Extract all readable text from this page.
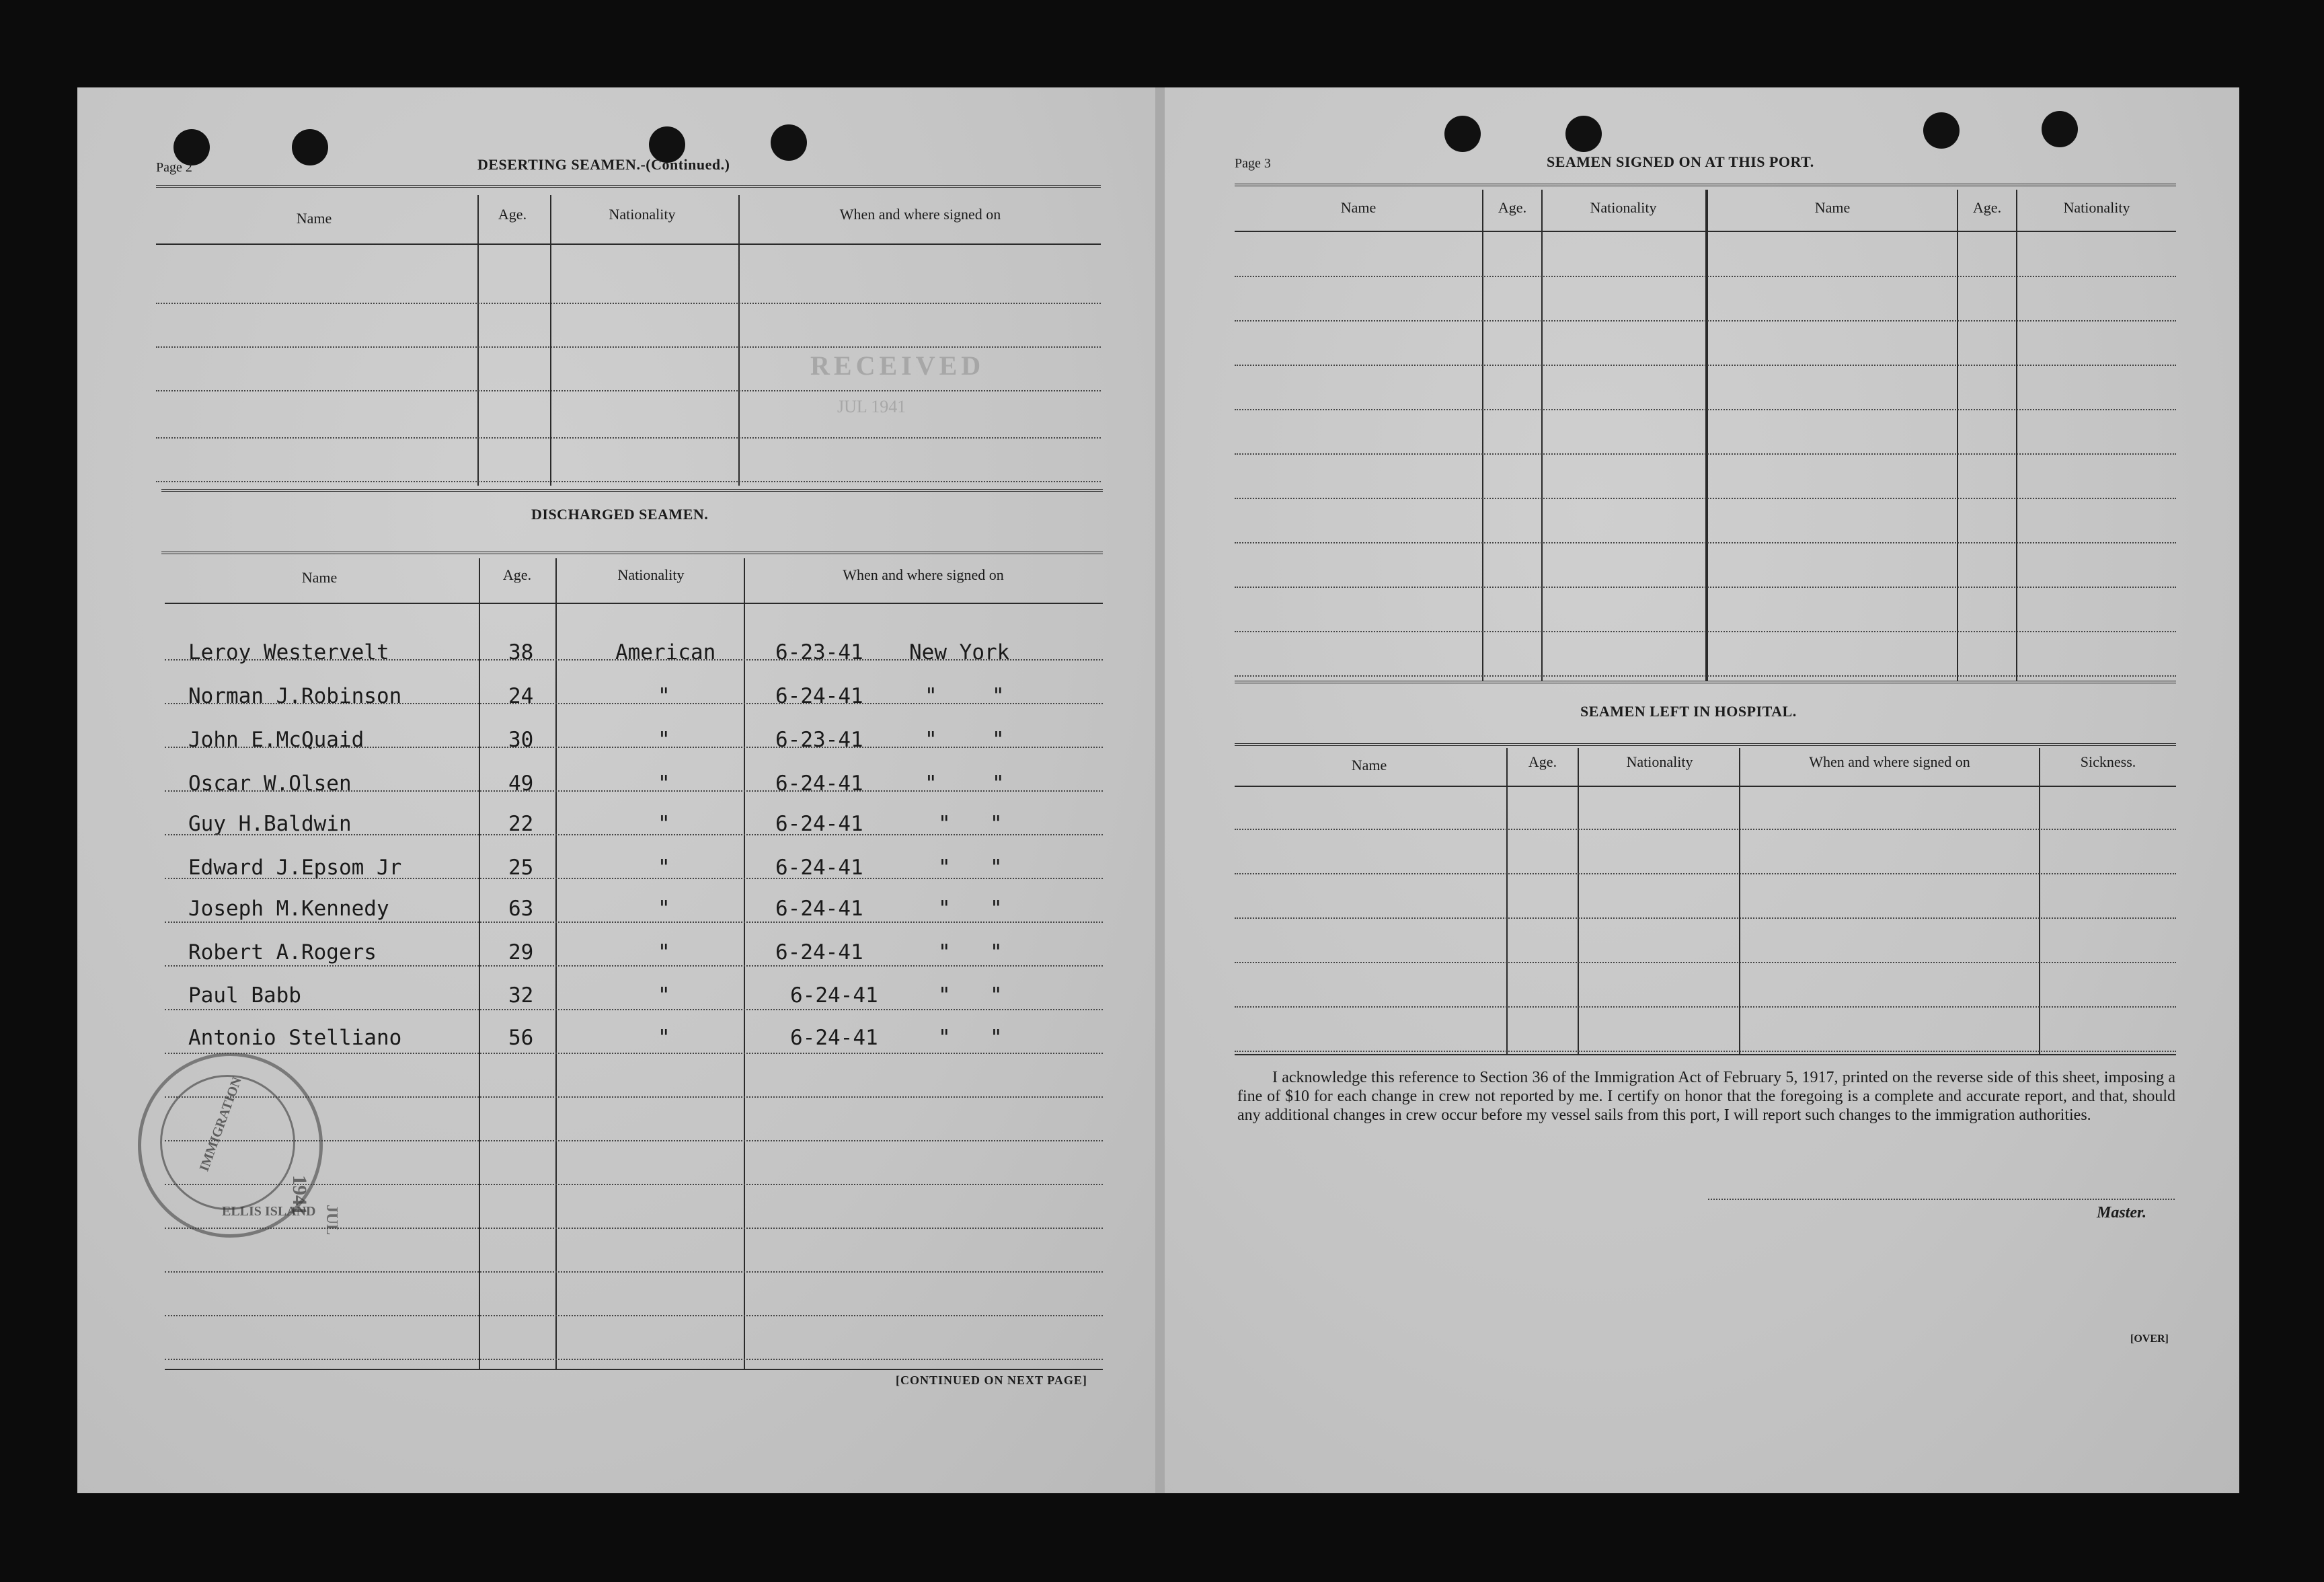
Page 2	DESERTING SEAMEN.-(Continued.)
Name	Age.	Nationality	When and where signed on
RECEIVED
JUL 1941
DISCHARGED SEAMEN.
Name	Age.	Nationality	When and where signed on
Leroy Westervelt	38	American	6-23-41 New York
Norman J.Robinson	24	"	6-24-41	"	"
John E.McQuaid	30	"	6-23-41	"	"
Oscar W.Olsen	49	"	6-24-41	"	"
Guy H.Baldwin	22	"	6-24-41	" "
Edward J.Epsom Jr	25	"	6-24-41	" "
Joseph M.Kennedy	63	"	6-24-41	" "
Robert A.Rogers	29	"	6-24-41	" "
Paul Babb	32	"	6-24-41	" "
Antonio Stelliano	56	"	6-24-41	" "
IMMIGRATION
ELLIS ISLAND
1941
JUL
[CONTINUED ON NEXT PAGE]
Page 3	SEAMEN SIGNED ON AT THIS PORT.
Name	Age.	Nationality	Name	Age.	Nationality
SEAMEN LEFT IN HOSPITAL.
Name	Age.	Nationality	When and where signed on	Sickness.
I acknowledge this reference to Section 36 of the Immigration Act of February 5, 1917, printed on the reverse side of this sheet, imposing a fine of $10 for each change in crew not reported by me. I certify on honor that the foregoing is a complete and accurate report, and that, should any additional changes in crew occur before my vessel sails from this port, I will report such changes to the immigration authorities.
Master.
[OVER]
